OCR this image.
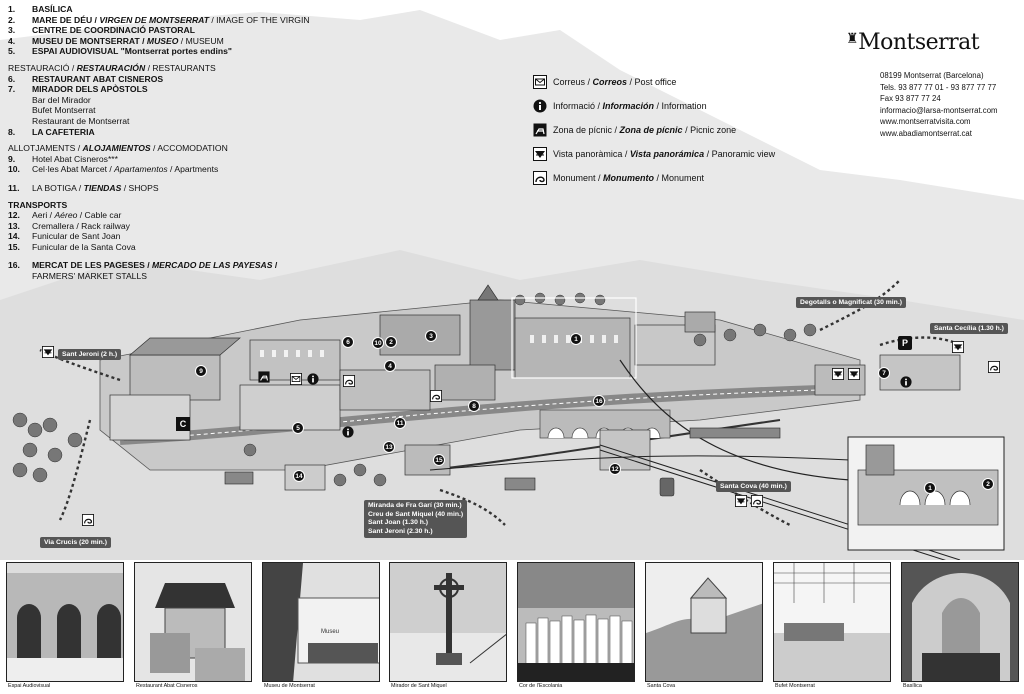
1.	BASÍLICA
2.	MARE DE DÉU / VIRGEN DE MONTSERRAT / IMAGE OF THE VIRGIN
3.	CENTRE DE COORDINACIÓ PASTORAL
4.	MUSEU DE MONTSERRAT / MUSEO / MUSEUM
5.	ESPAI AUDIOVISUAL "Montserrat portes endins"
RESTAURACIÓ / RESTAURACIÓN / RESTAURANTS
6.	RESTAURANT ABAT CISNEROS
7.	MIRADOR DELS APÒSTOLS
Bar del Mirador
Bufet Montserrat
Restaurant de Montserrat
8.	LA CAFETERIA
ALLOTJAMENTS / ALOJAMIENTOS / ACCOMODATION
9.	Hotel Abat Cisneros***
10.	Cel·les Abat Marcet / Apartamentos / Apartments
11.	LA BOTIGA / TIENDAS / SHOPS
TRANSPORTS
12.	Aeri / Aéreo / Cable car
13.	Cremallera / Rack railway
14.	Funicular de Sant Joan
15.	Funicular de la Santa Cova
16.	MERCAT DE LES PAGESES / MERCADO DE LAS PAYESAS /
FARMERS' MARKET STALLS
Correus / Correos / Post office
Informació / Información / Information
Zona de pícnic / Zona de pícnic / Picnic zone
Vista panoràmica / Vista panorámica / Panoramic view
Monument / Monumento / Monument
♜Montserrat
08199 Montserrat (Barcelona)
Tels. 93 877 77 01 - 93 877 77 77
Fax 93 877 77 24
informacio@larsa-montserrat.com
www.montserratvisita.com
www.abadiamontserrat.cat
1
2
3
4
5
6
7
8
9
10
11
12
13
14
15
16
1
2
C
P
Sant Jeroni (2 h.)
Via Crucis (20 min.)
Degotalls o Magnificat (30 min.)
Santa Cecília (1.30 h.)
Santa Cova (40 min.)
Miranda de Fra Garí (30 min.)
Creu de Sant Miquel (40 min.)
Sant Joan (1.30 h.)
Sant Jeroni (2.30 h.)
Espai Audiovisual	Restaurant Abat Cisneros
Museu
Museu de Montserrat	Mirador de Sant Miquel	Cor de l'Escolania	Santa Cova	Bufet Montserrat	Basílica
